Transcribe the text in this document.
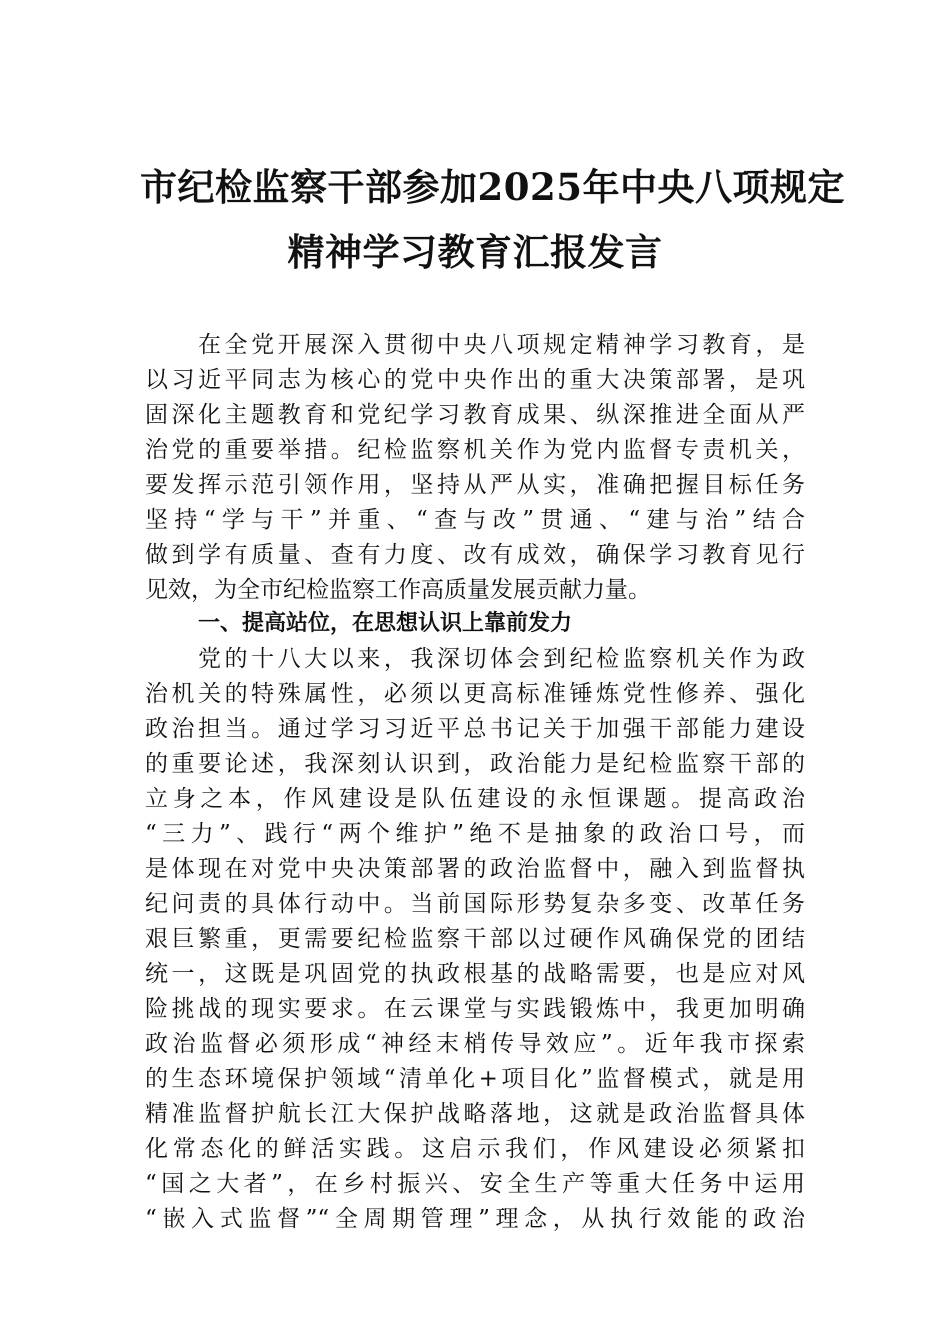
市纪检监察干部参加2025年中央八项规定
精神学习教育汇报发言
在全党开展深入贯彻中央八项规定精神学习教育，是
以习近平同志为核心的党中央作出的重大决策部署，是巩
固深化主题教育和党纪学习教育成果、纵深推进全面从严
治党的重要举措。纪检监察机关作为党内监督专责机关，
要发挥示范引领作用，坚持从严从实，准确把握目标任务
坚持“学与干”并重、“查与改”贯通、“建与治”结合
做到学有质量、查有力度、改有成效，确保学习教育见行
见效，为全市纪检监察工作高质量发展贡献力量。
一、提高站位，在思想认识上靠前发力
党的十八大以来，我深切体会到纪检监察机关作为政
治机关的特殊属性，必须以更高标准锤炼党性修养、强化
政治担当。通过学习习近平总书记关于加强干部能力建设
的重要论述，我深刻认识到，政治能力是纪检监察干部的
立身之本，作风建设是队伍建设的永恒课题。提高政治
“三力”、践行“两个维护”绝不是抽象的政治口号，而
是体现在对党中央决策部署的政治监督中，融入到监督执
纪问责的具体行动中。当前国际形势复杂多变、改革任务
艰巨繁重，更需要纪检监察干部以过硬作风确保党的团结
统一，这既是巩固党的执政根基的战略需要，也是应对风
险挑战的现实要求。在云课堂与实践锻炼中，我更加明确
政治监督必须形成“神经末梢传导效应”。近年我市探索
的生态环境保护领域“清单化+项目化”监督模式，就是用
精准监督护航长江大保护战略落地，这就是政治监督具体
化常态化的鲜活实践。这启示我们，作风建设必须紧扣
“国之大者”，在乡村振兴、安全生产等重大任务中运用
“嵌入式监督”“全周期管理”理念，从执行效能的政治
